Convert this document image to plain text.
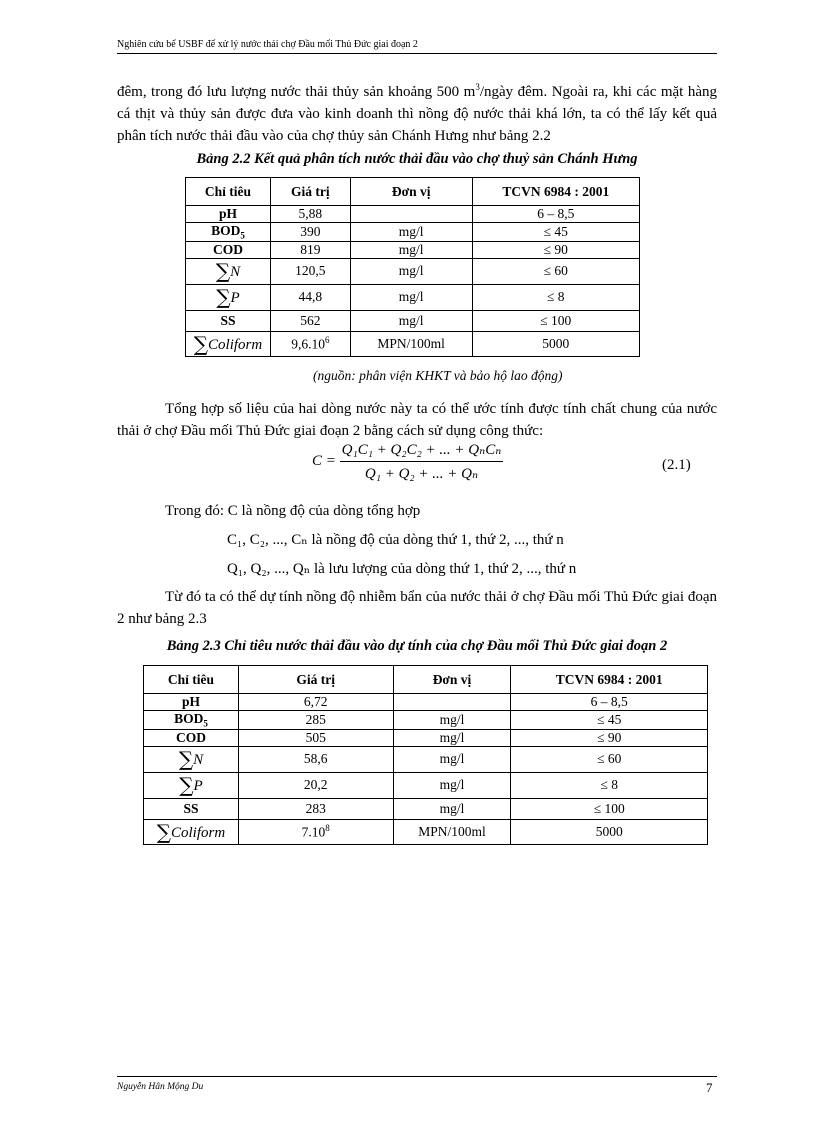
Nghiên cứu bể USBF để xử lý nước thải chợ Đầu mối Thủ Đức giai đoạn 2

đêm, trong đó lưu lượng nước thải thủy sản khoảng 500 $m^3$/ngày đêm. Ngoài ra, khi các mặt hàng cá thịt và thủy sản được đưa vào kinh doanh thì nồng độ nước thải khá lớn, ta có thể lấy kết quả phân tích nước thải đầu vào của chợ thủy sản Chánh Hưng như bảng 2.2

Bảng 2.2 Kết quả phân tích nước thải đầu vào chợ thuỷ sản Chánh Hưng

Chỉ tiêu	Giá trị	Đơn vị	TCVN 6984 : 2001
pH	5,88		6 – 8,5
$BOD_5$	390	mg/l	≤ 45
COD	819	mg/l	≤ 90
∑N	120,5	mg/l	≤ 60
∑P	44,8	mg/l	≤ 8
SS	562	mg/l	≤ 100
∑Coliform	9,6.10$^6$	MPN/100ml	5000

(nguồn: phân viện KHKT và bảo hộ lao động)

Tổng hợp số liệu của hai dòng nước này ta có thể ước tính được tính chất chung của nước thải ở chợ Đầu mối Thủ Đức giai đoạn 2 bằng cách sử dụng công thức:

$C = \frac{\text{Q₁C₁ + Q₂C₂ + ... + QₙCₙ}}{\text{Q₁ + Q₂ + ... + Qₙ}}$	(2.1)

Trong đó: C là nồng độ của dòng tổng hợp

C₁, C₂, ..., Cₙ là nồng độ của dòng thứ 1, thứ 2, ..., thứ n

Q₁, Q₂, ..., Qₙ là lưu lượng của dòng thứ 1, thứ 2, ..., thứ n

Từ đó ta có thể dự tính nồng độ nhiễm bẩn của nước thải ở chợ Đầu mối Thủ Đức giai đoạn 2 như bảng 2.3

Bảng 2.3 Chỉ tiêu nước thải đầu vào dự tính của chợ Đầu mối Thủ Đức giai đoạn 2

Chỉ tiêu	Giá trị	Đơn vị	TCVN 6984 : 2001
pH	6,72		6 – 8,5
$BOD_5$	285	mg/l	≤ 45
COD	505	mg/l	≤ 90
∑N	58,6	mg/l	≤ 60
∑P	20,2	mg/l	≤ 8
SS	283	mg/l	≤ 100
∑Coliform	7.10$^8$	MPN/100ml	5000
Nguyễn Hân Mộng Du	7
